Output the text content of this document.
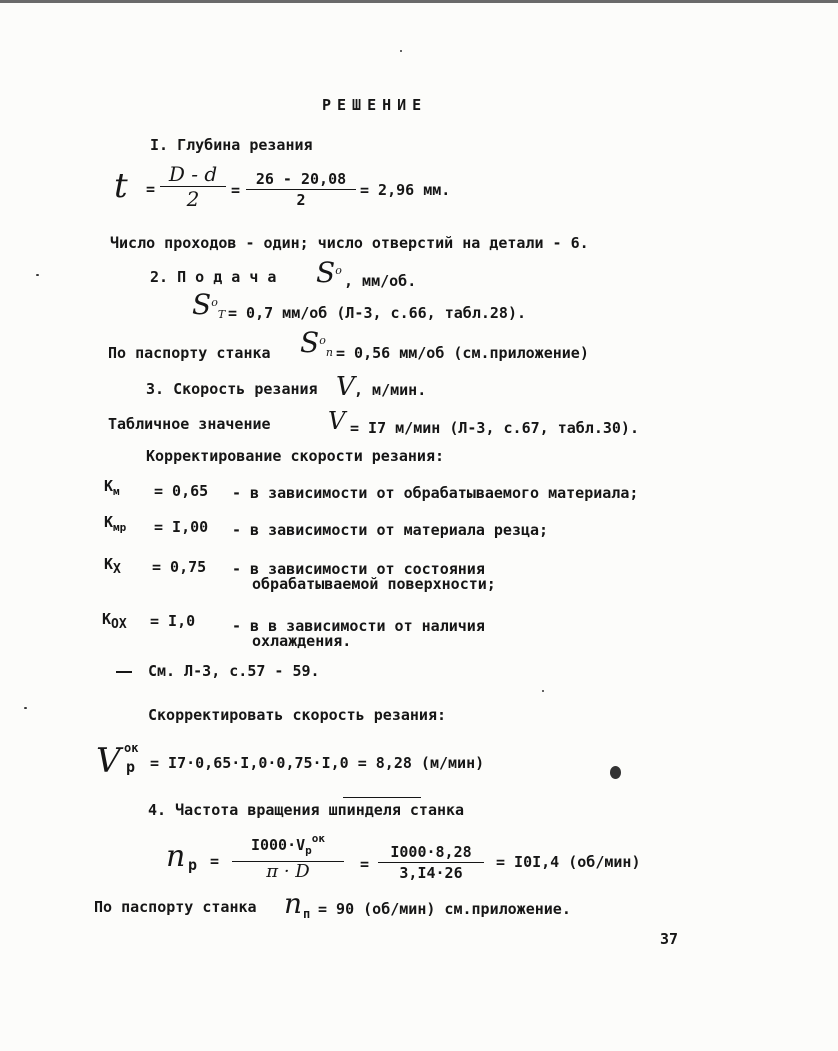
РЕШЕНИЕ
I. Глубина резания
$t = \frac{D - d}{2} = \frac{26 - 20,08}{2} = 2,96$ мм.
Число проходов - один; число отверстий на детали - 6.
2. П о д а ч а $S^o$
, мм/об.
$S^o_T = 0,7$ мм/об (Л-3, с.66, табл.28).
По паспорту станка $S^o_n = 0,56$ мм/об (см.приложение)
3. Скорость резания V , м/мин.
Табличное значение V = I7 м/мин (Л-3, с.67, табл.30).
Корректирование скорости резания:
$K_м = 0,65 - в$ зависимости от обрабатываемого материала;
$K_{мр} = I,00 - в$ зависимости от материала резца;
KX = 0,75 - в зависимости от состояния
обрабатываемой поверхности;
KOX = I,0 - в в зависимости от наличия
охлаждения.
См. Л-3, с.57 - 59.
Скорректировать скорость резания:
V ок
p = I7·0,65·I,0·0,75·I,0 = 8,28 (м/мин)
4. Частота вращения шпинделя станка
n p =
$I000\cdot V_p^{ок}$
π · D	= $\frac{I000\cdot 8,28}{3,I4\cdot 26} = I0I,4$ (об/мин)
По паспорту станка n п = 90 (об/мин) см.приложение.
37
